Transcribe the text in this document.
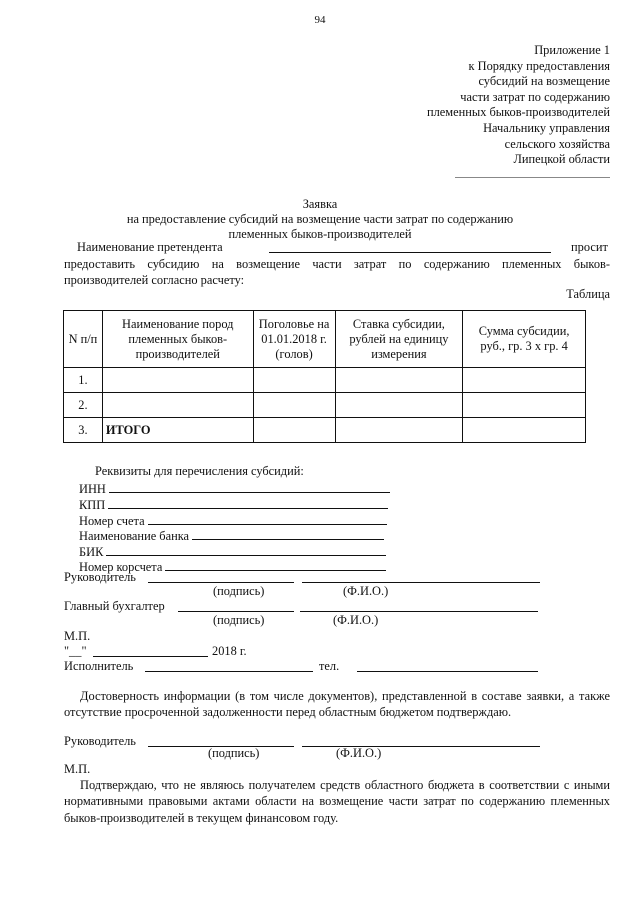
94
Приложение 1
к Порядку предоставления
субсидий на возмещение
части затрат по содержанию
племенных быков-производителей
Начальнику управления
сельского хозяйства
Липецкой области
Заявка
на предоставление субсидий на возмещение части затрат по содержанию
племенных быков-производителей
Наименование претендента	просит

предоставить субсидию на возмещение части затрат по содержанию племенных быков-производителей согласно расчету:

Таблица
N п/п	Наименование пород племенных быков-производителей	Поголовье на 01.01.2018 г. (голов)	Ставка субсидии, рублей на единицу измерения	Сумма субсидии, руб., гр. 3 х гр. 4
1.				
2.				
3.	ИТОГО			
Реквизиты для перечисления субсидий:
ИНН
КПП
Номер счета
Наименование банка
БИК
Номер корсчета
Руководитель
(подпись)	(Ф.И.О.)
Главный бухгалтер
(подпись)	(Ф.И.О.)
М.П.
"__"	2018 г.
Исполнитель	тел.

Достоверность информации (в том числе документов), представленной в составе заявки, а также отсутствие просроченной задолженности перед областным бюджетом подтверждаю.

Руководитель
(подпись)	(Ф.И.О.)
М.П.

Подтверждаю, что не являюсь получателем средств областного бюджета в соответствии с иными нормативными правовыми актами области на возмещение части затрат по содержанию племенных быков-производителей в текущем финансовом году.
